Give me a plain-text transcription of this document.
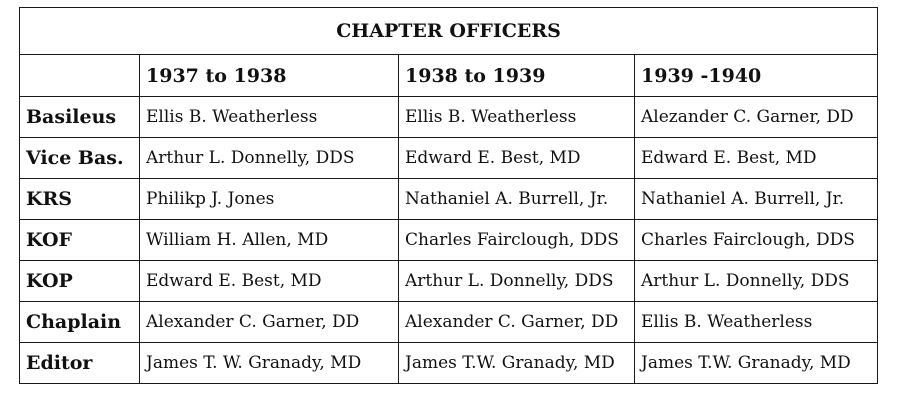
CHAPTER OFFICERS			
	1937 to 1938	1938 to 1939	1939 -1940
Basileus	Ellis B. Weatherless	Ellis B. Weatherless	Alezander C. Garner, DD
Vice Bas.	Arthur L. Donnelly, DDS	Edward E. Best, MD	Edward E. Best, MD
KRS	Philikp J. Jones	Nathaniel A. Burrell, Jr.	Nathaniel A. Burrell, Jr.
KOF	William H. Allen, MD	Charles Fairclough, DDS	Charles Fairclough, DDS
KOP	Edward E. Best, MD	Arthur L. Donnelly, DDS	Arthur L. Donnelly, DDS
Chaplain	Alexander C. Garner, DD	Alexander C. Garner, DD	Ellis B. Weatherless
Editor	James T. W. Granady, MD	James T.W. Granady, MD	James T.W. Granady, MD
